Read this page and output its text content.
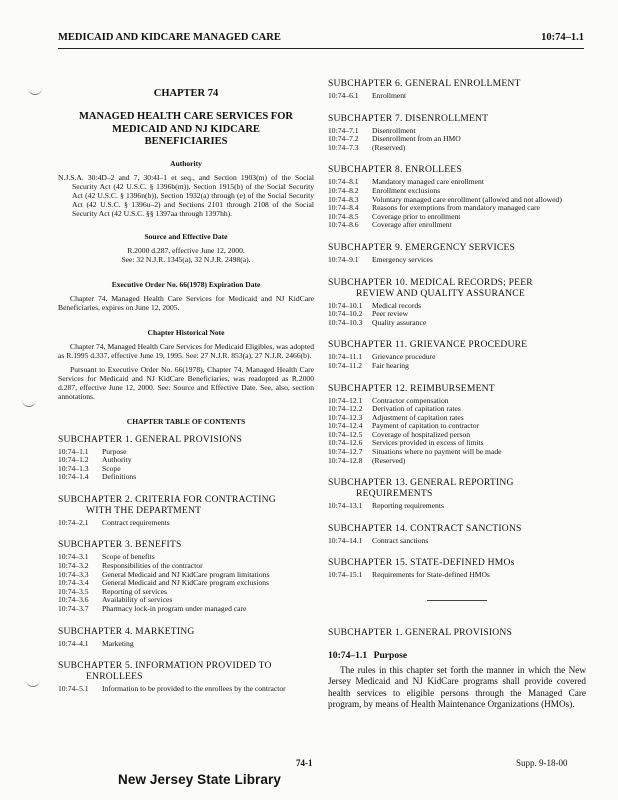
MEDICAID AND KIDCARE MANAGED CARE	10:74–1.1
CHAPTER 74
MANAGED HEALTH CARE SERVICES FOR
MEDICAID AND NJ KIDCARE
BENEFICIARIES
Authority
N.J.S.A. 30:4D–2 and 7, 30:4I–1 et seq., and Section 1903(m) of the Social Security Act (42 U.S.C. § 1396b(m)), Section 1915(b) of the Social Security Act (42 U.S.C. § 1396n(b)), Section 1932(a) through (e) of the Social Security Act (42 U.S.C. § 1396u–2) and Sections 2101 through 2108 of the Social Security Act (42 U.S.C. §§ 1397aa through 1397hh).
Source and Effective Date
R.2000 d.287, effective June 12, 2000.
See: 32 N.J.R. 1345(a), 32 N.J.R. 2498(a).
Executive Order No. 66(1978) Expiration Date
Chapter 74, Managed Health Care Services for Medicaid and NJ KidCare Beneficiaries, expires on June 12, 2005.
Chapter Historical Note
Chapter 74, Managed Health Care Services for Medicaid Eligibles, was adopted as R.1995 d.337, effective June 19, 1995. See: 27 N.J.R. 853(a), 27 N.J.R. 2466(b).
Pursuant to Executive Order No. 66(1978), Chapter 74, Managed Health Care Services for Medicaid and NJ KidCare Beneficiaries, was readopted as R.2000 d.287, effective June 12, 2000. See: Source and Effective Date. See, also, section annotations.
CHAPTER TABLE OF CONTENTS
SUBCHAPTER 1. GENERAL PROVISIONS
10:74–1.1	Purpose
10:74–1.2	Authority
10:74–1.3	Scope
10:74–1.4	Definitions
SUBCHAPTER 2. CRITERIA FOR CONTRACTING
WITH THE DEPARTMENT
10:74–2.1	Contract requirements
SUBCHAPTER 3. BENEFITS
10:74–3.1	Scope of benefits
10:74–3.2	Responsibilities of the contractor
10:74–3.3	General Medicaid and NJ KidCare program limitations
10:74–3.4	General Medicaid and NJ KidCare program exclusions
10:74–3.5	Reporting of services
10:74–3.6	Availability of services
10:74–3.7	Pharmacy lock-in program under managed care
SUBCHAPTER 4. MARKETING
10:74–4.1	Marketing
SUBCHAPTER 5. INFORMATION PROVIDED TO
ENROLLEES
10:74–5.1	Information to be provided to the enrollees by the contractor
SUBCHAPTER 6. GENERAL ENROLLMENT
10:74–6.1	Enrollment
SUBCHAPTER 7. DISENROLLMENT
10:74–7.1	Disenrollment
10:74–7.2	Disenrollment from an HMO
10:74–7.3	(Reserved)
SUBCHAPTER 8. ENROLLEES
10:74–8.1	Mandatory managed care enrollment
10:74–8.2	Enrollment exclusions
10:74–8.3	Voluntary managed care enrollment (allowed and not allowed)
10:74–8.4	Reasons for exemptions from mandatory managed care
10:74–8.5	Coverage prior to enrollment
10:74–8.6	Coverage after enrollment
SUBCHAPTER 9. EMERGENCY SERVICES
10:74–9.1	Emergency services
SUBCHAPTER 10. MEDICAL RECORDS; PEER
REVIEW AND QUALITY ASSURANCE
10:74–10.1	Medical records
10:74–10.2	Peer review
10:74–10.3	Quality assurance
SUBCHAPTER 11. GRIEVANCE PROCEDURE
10:74–11.1	Grievance procedure
10:74–11.2	Fair hearing
SUBCHAPTER 12. REIMBURSEMENT
10:74–12.1	Contractor compensation
10:74–12.2	Derivation of capitation rates
10:74–12.3	Adjustment of capitation rates
10:74–12.4	Payment of capitation to contractor
10:74–12.5	Coverage of hospitalized person
10:74–12.6	Services provided in excess of limits
10:74–12.7	Situations where no payment will be made
10:74–12.8	(Reserved)
SUBCHAPTER 13. GENERAL REPORTING
REQUIREMENTS
10:74–13.1	Reporting requirements
SUBCHAPTER 14. CONTRACT SANCTIONS
10:74–14.1	Contract sanctions
SUBCHAPTER 15. STATE-DEFINED HMOs
10:74–15.1	Requirements for State-defined HMOs
SUBCHAPTER 1. GENERAL PROVISIONS
10:74–1.1 Purpose
The rules in this chapter set forth the manner in which the New Jersey Medicaid and NJ KidCare programs shall provide covered health services to eligible persons through the Managed Care program, by means of Health Maintenance Organizations (HMOs).
74-1	Supp. 9-18-00
New Jersey State Library
